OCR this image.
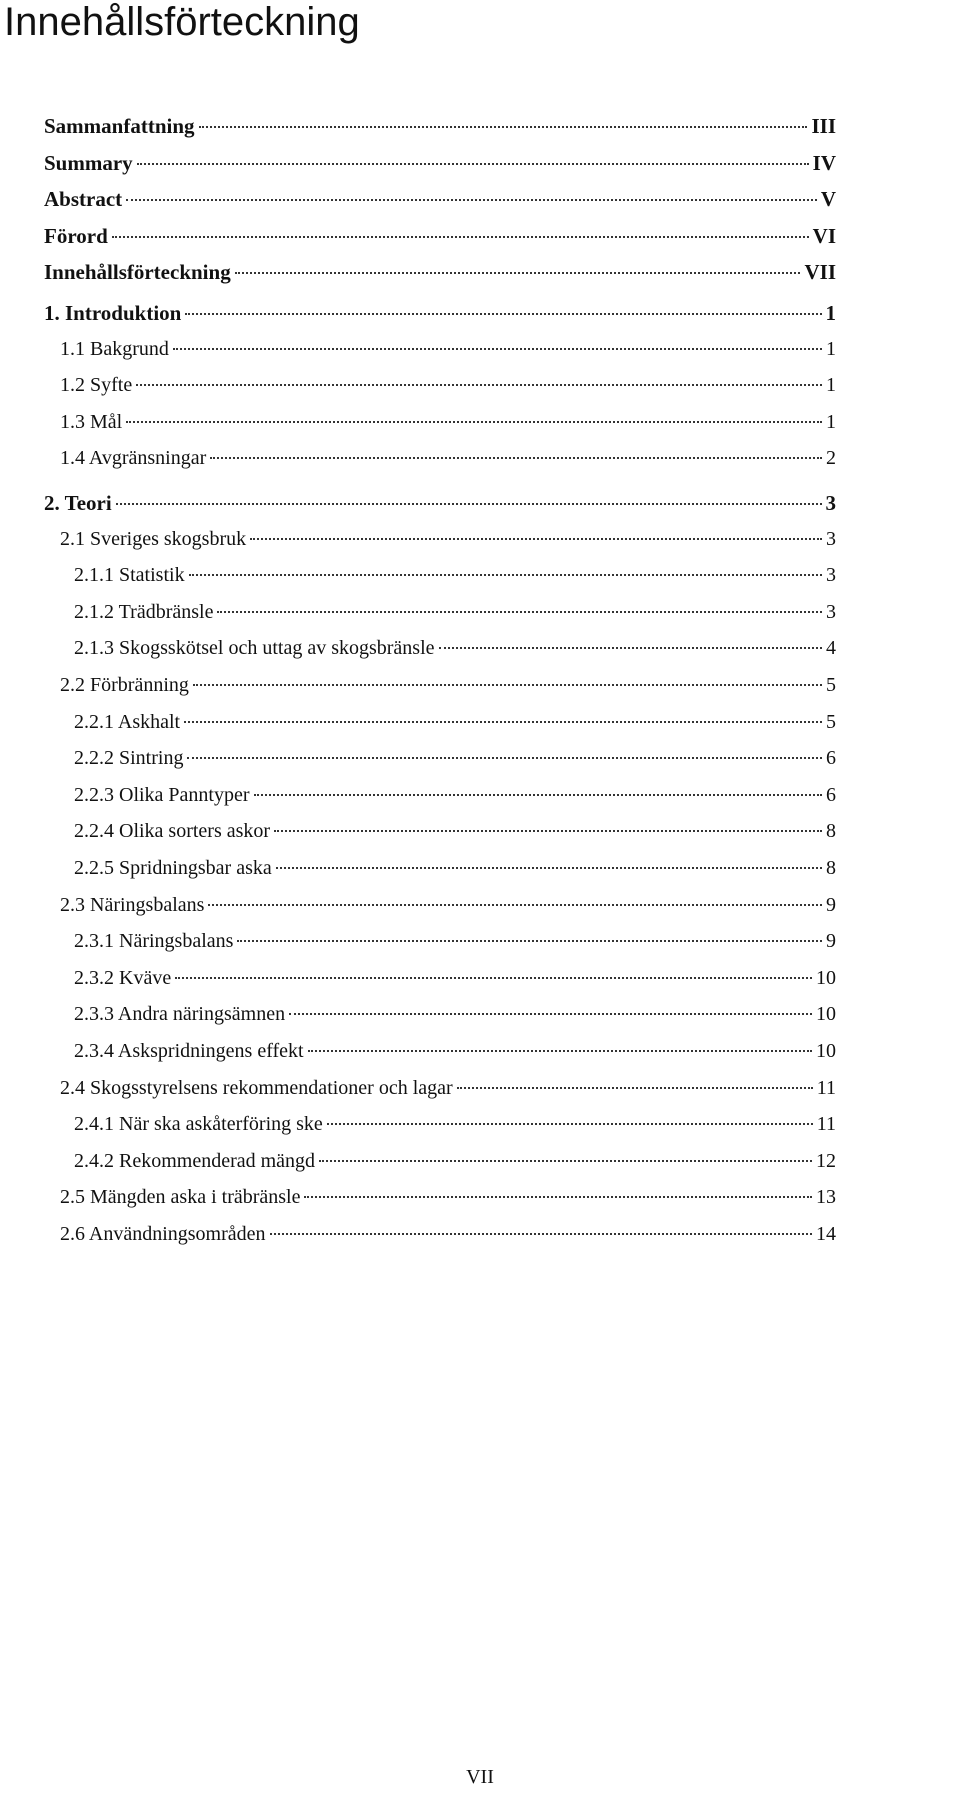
Innehållsförteckning
Sammanfattning	III
Summary	IV
Abstract	V
Förord	VI
Innehållsförteckning	VII
1. Introduktion	1
1.1 Bakgrund	1
1.2 Syfte	1
1.3 Mål	1
1.4 Avgränsningar	2
2. Teori	3
2.1 Sveriges skogsbruk	3
2.1.1 Statistik	3
2.1.2 Trädbränsle	3
2.1.3 Skogsskötsel och uttag av skogsbränsle	4
2.2 Förbränning	5
2.2.1 Askhalt	5
2.2.2 Sintring	6
2.2.3 Olika Panntyper	6
2.2.4 Olika sorters askor	8
2.2.5 Spridningsbar aska	8
2.3 Näringsbalans	9
2.3.1 Näringsbalans	9
2.3.2 Kväve	10
2.3.3 Andra näringsämnen	10
2.3.4 Askspridningens effekt	10
2.4 Skogsstyrelsens rekommendationer och lagar	11
2.4.1 När ska askåterföring ske	11
2.4.2 Rekommenderad mängd	12
2.5 Mängden aska i träbränsle	13
2.6 Användningsområden	14
VII
